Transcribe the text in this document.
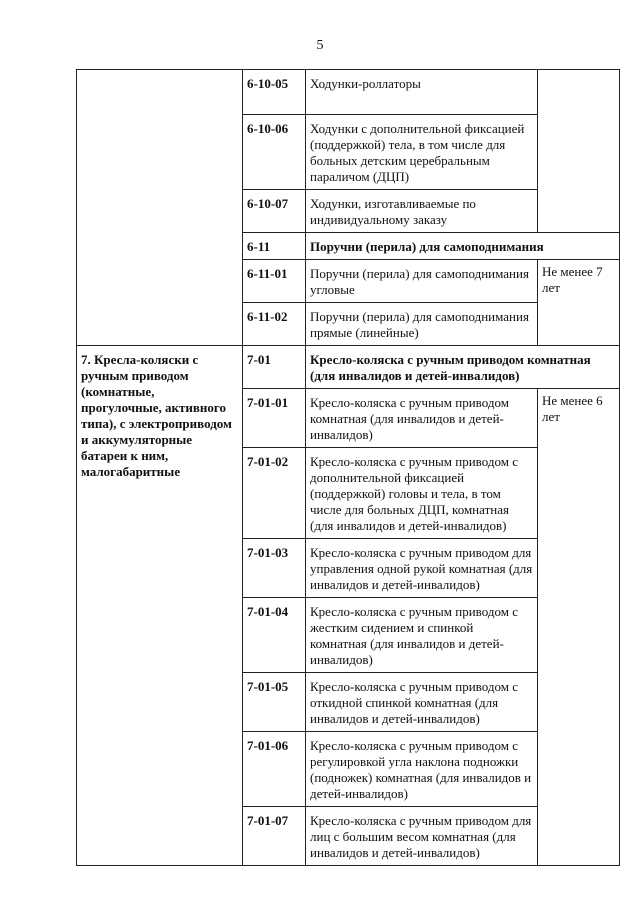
5
	6-10-05	Ходунки-роллаторы	
	6-10-06	Ходунки с дополнительной фиксацией (поддержкой) тела, в том числе для больных детским церебральным параличом (ДЦП)	
	6-10-07	Ходунки, изготавливаемые по индивидуальному заказу	
	6-11	Поручни (перила) для самоподнимания	
	6-11-01	Поручни (перила) для самоподнимания угловые	Не менее 7 лет
	6-11-02	Поручни (перила) для самоподнимания прямые (линейные)	
7. Кресла-коляски с ручным приводом (комнатные, прогулочные, активного типа), с электроприводом и аккумуляторные батареи к ним, малогабаритные	7-01	Кресло-коляска с ручным приводом комнатная (для инвалидов и детей-инвалидов)	
	7-01-01	Кресло-коляска с ручным приводом комнатная (для инвалидов и детей-инвалидов)	Не менее 6 лет
	7-01-02	Кресло-коляска с ручным приводом с дополнительной фиксацией (поддержкой) головы и тела, в том числе для больных ДЦП, комнатная (для инвалидов и детей-инвалидов)	
	7-01-03	Кресло-коляска с ручным приводом для управления одной рукой комнатная (для инвалидов и детей-инвалидов)	
	7-01-04	Кресло-коляска с ручным приводом с жестким сидением и спинкой комнатная (для инвалидов и детей-инвалидов)	
	7-01-05	Кресло-коляска с ручным приводом с откидной спинкой комнатная (для инвалидов и детей-инвалидов)	
	7-01-06	Кресло-коляска с ручным приводом с регулировкой угла наклона подножки (подножек) комнатная (для инвалидов и детей-инвалидов)	
	7-01-07	Кресло-коляска с ручным приводом для лиц с большим весом комнатная (для инвалидов и детей-инвалидов)	
